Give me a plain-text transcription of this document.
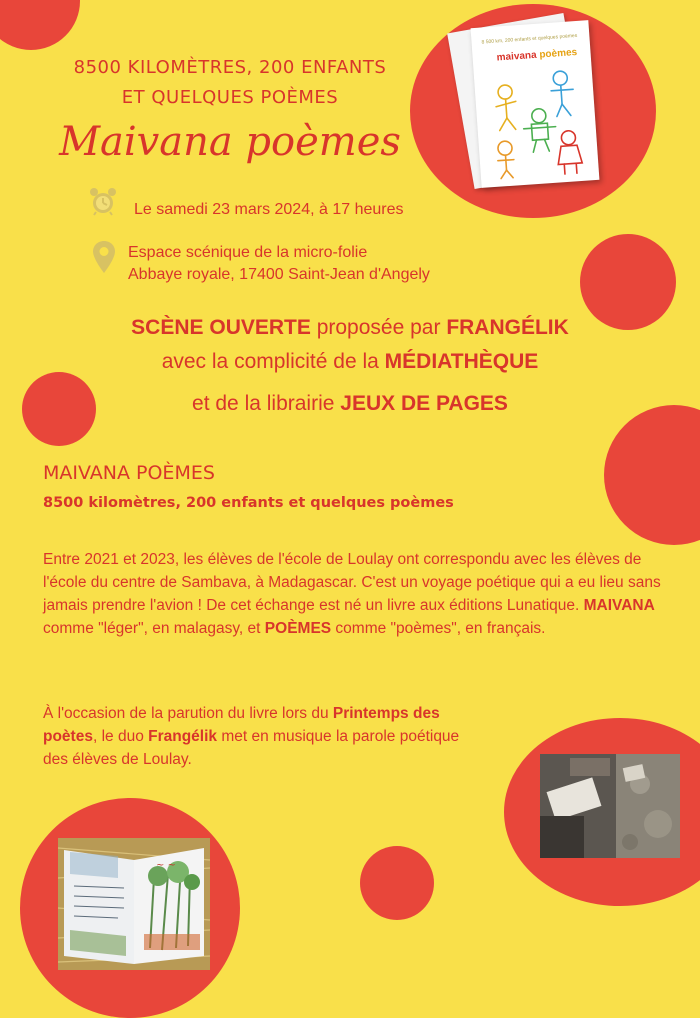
8500 KILOMÈTRES, 200 ENFANTS
ET QUELQUES POÈMES
Maivana poèmes
8 500 km, 200 enfants et quelques poèmes
maivana poèmes
Le samedi 23 mars 2024, à 17 heures
Espace scénique de la micro-folie
Abbaye royale, 17400 Saint-Jean d'Angely
SCÈNE OUVERTE proposée par FRANGÉLIK
avec la complicité de la MÉDIATHÈQUE
et de la librairie JEUX DE PAGES
MAIVANA POÈMES
8500 kilomètres, 200 enfants et quelques poèmes
Entre 2021 et 2023, les élèves de l'école de Loulay ont correspondu avec les élèves de l'école du centre de Sambava, à Madagascar. C'est un voyage poétique qui a eu lieu sans jamais prendre l'avion ! De cet échange est né un livre aux éditions Lunatique. MAIVANA comme "léger", en malagasy, et POÈMES comme "poèmes", en français.
À l'occasion de la parution du livre lors du Printemps des poètes, le duo Frangélik met en musique la parole poétique des élèves de Loulay.
~ ~
